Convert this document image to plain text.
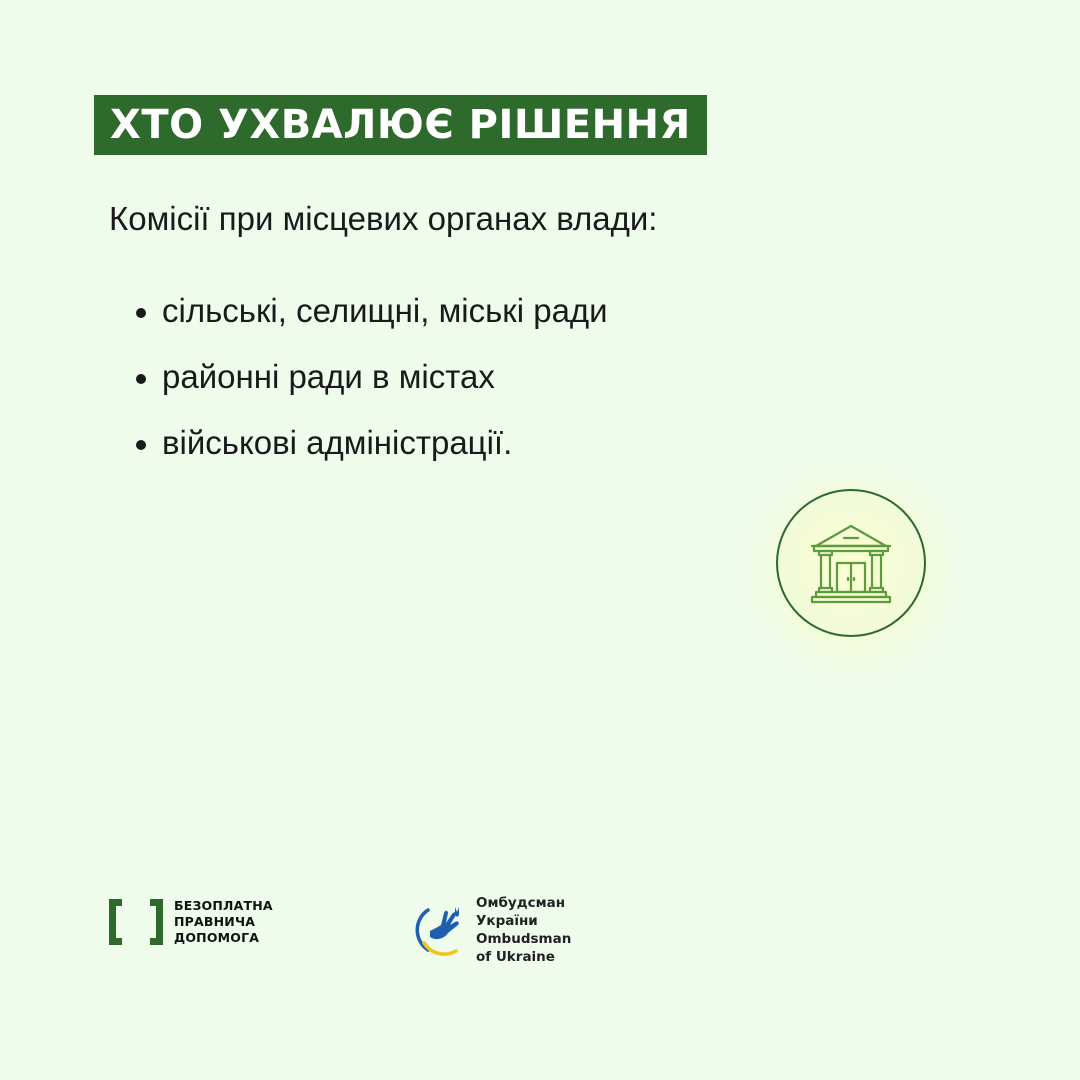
ХТО УХВАЛЮЄ РІШЕННЯ
Комісії при місцевих органах влади:
сільські, селищні, міські ради
районні ради в містах
військові адміністрації.
БЕЗОПЛАТНА
ПРАВНИЧА ДОПОМОГА
Омбудсман України
Ombudsman of Ukraine
